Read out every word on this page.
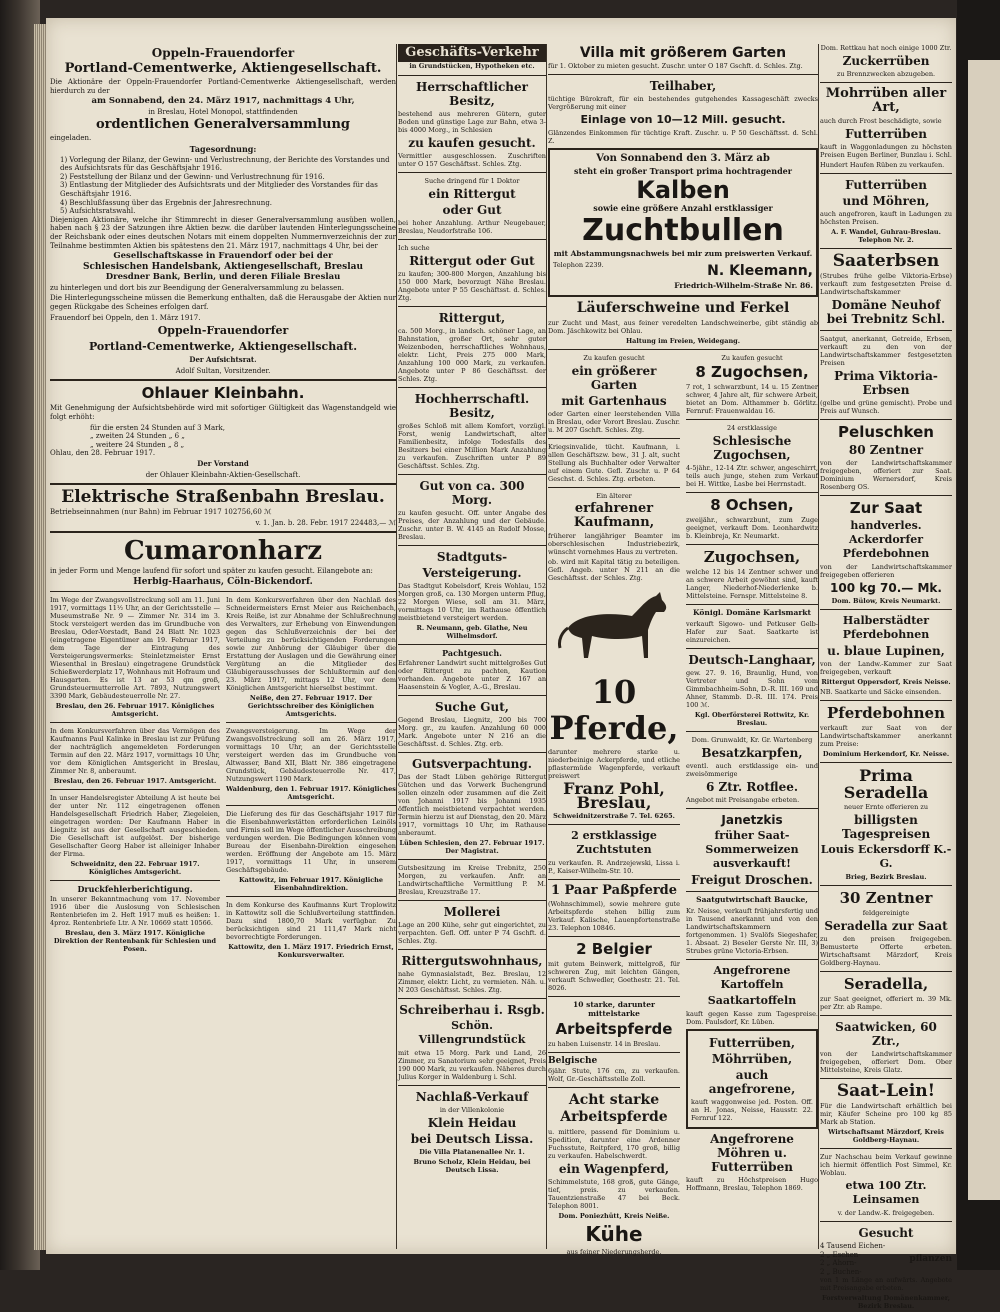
Oppeln-Frauendorfer
Portland-Cementwerke, Aktiengesellschaft.

Die Aktionäre der Oppeln-Frauendorfer Portland-Cementwerke Aktiengesellschaft, werden hierdurch zu der

am Sonnabend, den 24. März 1917, nachmittags 4 Uhr,

in Breslau, Hotel Monopol, stattfindenden

ordentlichen Generalversammlung

eingeladen.

Tagesordnung:

1) Vorlegung der Bilanz, der Gewinn- und Verlustrechnung, der Berichte des Vorstandes und des Aufsichtsrats für das Geschäftsjahr 1916.
2) Feststellung der Bilanz und der Gewinn- und Verlustrechnung für 1916.
3) Entlastung der Mitglieder des Aufsichtsrats und der Mitglieder des Vorstandes für das Geschäftsjahr 1916.
4) Beschlußfassung über das Ergebnis der Jahresrechnung.
5) Aufsichtsratswahl.

Diejenigen Aktionäre, welche ihr Stimmrecht in dieser Generalversammlung ausüben wollen, haben nach § 23 der Satzungen ihre Aktien bezw. die darüber lautenden Hinterlegungsscheine der Reichsbank oder eines deutschen Notars mit einem doppelten Nummernverzeichnis der zur Teilnahme bestimmten Aktien bis spätestens den 21. März 1917, nachmittags 4 Uhr, bei der

Gesellschaftskasse in Frauendorf oder bei der

Schlesischen Handelsbank, Aktiengesellschaft, Breslau

Dresdner Bank, Berlin, und deren Filiale Breslau

zu hinterlegen und dort bis zur Beendigung der Generalversammlung zu belassen.

Die Hinterlegungsscheine müssen die Bemerkung enthalten, daß die Herausgabe der Aktien nur gegen Rückgabe des Scheines erfolgen darf.

Frauendorf bei Oppeln, den 1. März 1917.

Oppeln-Frauendorfer
Portland-Cementwerke, Aktiengesellschaft.

Der Aufsichtsrat.

Adolf Sultan, Vorsitzender.

Ohlauer Kleinbahn.

Mit Genehmigung der Aufsichtsbehörde wird mit sofortiger Gültigkeit das Wagenstandgeld wie folgt erhöht:

für die ersten 24 Stunden auf 3 Mark,
„ zweiten 24 Stunden „ 6 „
„ weitere 24 Stunden „ 8 „

Ohlau, den 28. Februar 1917.

Der Vorstand

der Ohlauer Kleinbahn-Aktien-Gesellschaft.

Elektrische Straßenbahn Breslau.

Betriebseinnahmen (nur Bahn) im Februar 1917 102756,60 ℳ

v. 1. Jan. b. 28. Febr. 1917 224483,— ℳ

Cumaronharz

in jeder Form und Menge laufend für sofort und später zu kaufen gesucht. Eilangebote an:

Herbig-Haarhaus, Cöln-Bickendorf.

Im Wege der Zwangsvollstreckung soll am 11. Juni 1917, vormittags 11½ Uhr, an der Gerichtsstelle — Museumstraße Nr. 9 — Zimmer Nr. 314 im 3. Stock versteigert werden das im Grundbuche von Breslau, Oder-Vorstadt, Band 24 Blatt Nr. 1023 (eingetragene Eigentümer am 19. Februar 1917, dem Tage der Eintragung des Versteigerungsvermerks: Steinletzmeister Ernst Wiesenthal in Breslau) eingetragene Grundstück Schießwerderplatz 17, Wohnhaus mit Hofraum und Hausgarten. Es ist 13 ar 53 qm groß, Grundsteuermutterrolle Art. 7893, Nutzungswert 3390 Mark, Gebäudesteuerrolle Nr. 27.

Breslau, den 26. Februar 1917. Königliches Amtsgericht.

In dem Konkursverfahren über das Vermögen des Kaufmanns Paul Kalinke in Breslau ist zur Prüfung der nachträglich angemeldeten Forderungen Termin auf den 22. März 1917, vormittags 10 Uhr, vor dem Königlichen Amtsgericht in Breslau, Zimmer Nr. 8, anberaumt.

Breslau, den 26. Februar 1917. Amtsgericht.

In unser Handelsregister Abteilung A ist heute bei der unter Nr. 112 eingetragenen offenen Handelsgesellschaft Friedrich Haber, Ziegeleien, eingetragen worden: Der Kaufmann Haber in Liegnitz ist aus der Gesellschaft ausgeschieden. Die Gesellschaft ist aufgelöst. Der bisherige Gesellschafter Georg Haber ist alleiniger Inhaber der Firma.

Schweidnitz, den 22. Februar 1917. Königliches Amtsgericht.

Druckfehlerberichtigung.

In unserer Bekanntmachung vom 17. November 1916 über die Auslosung von Schlesischen Rentenbriefen im 2. Heft 1917 muß es heißen: 1. 4proz. Rentenbriefe Ltr. A Nr. 10669 statt 10566.

Breslau, den 3. März 1917. Königliche Direktion der Rentenbank für Schlesien und Posen.

In dem Konkursverfahren über den Nachlaß des Schneidermeisters Ernst Meier aus Reichenbach, Kreis Reiße, ist zur Abnahme der Schlußrechnung des Verwalters, zur Erhebung von Einwendungen gegen das Schlußverzeichnis der bei der Verteilung zu berücksichtigenden Forderungen sowie zur Anhörung der Gläubiger über die Erstattung der Auslagen und die Gewährung einer Vergütung an die Mitglieder des Gläubigerausschusses der Schlußtermin auf den 23. März 1917, mittags 12 Uhr, vor dem Königlichen Amtsgericht hierselbst bestimmt.

Neiße, den 27. Februar 1917. Der Gerichtsschreiber des Königlichen Amtsgerichts.

Zwangsversteigerung. Im Wege der Zwangsvollstreckung soll am 26. März 1917, vormittags 10 Uhr, an der Gerichtsstelle versteigert werden das im Grundbuche von Altwasser, Band XII, Blatt Nr. 386 eingetragene Grundstück, Gebäudesteuerrolle Nr. 417, Nutzungswert 1190 Mark.

Waldenburg, den 1. Februar 1917. Königliches Amtsgericht.

Die Lieferung des für das Geschäftsjahr 1917 für die Eisenbahnwerkstätten erforderlichen Leinöls und Firnis soll im Wege öffentlicher Ausschreibung verdungen werden. Die Bedingungen können vom Bureau der Eisenbahn-Direktion eingesehen werden. Eröffnung der Angebote am 15. März 1917, vormittags 11 Uhr, in unserem Geschäftsgebäude.

Kattowitz, im Februar 1917. Königliche Eisenbahndirektion.

In dem Konkurse des Kaufmanns Kurt Troplowitz in Kattowitz soll die Schlußverteilung stattfinden. Dazu sind 1800,70 Mark verfügbar. Zu berücksichtigen sind 21 111,47 Mark nicht bevorrechtigte Forderungen.

Kattowitz, den 1. März 1917. Friedrich Ernst, Konkursverwalter.

Geschäfts-Verkehr

in Grundstücken, Hypotheken etc.

Herrschaftlicher Besitz,

bestehend aus mehreren Gütern, guter Boden und günstige Lage zur Bahn, etwa 3- bis 4000 Morg., in Schlesien

zu kaufen gesucht.

Vermittler ausgeschlossen. Zuschriften unter O 157 Geschäftsst. Schles. Ztg.

Suche dringend für 1 Doktor

ein Rittergut
oder Gut

bei hoher Anzahlung. Arthur Neugebauer, Breslau, Neudorfstraße 106.

Ich suche

Rittergut oder Gut

zu kaufen; 300-800 Morgen, Anzahlung bis 150 000 Mark, bevorzugt Nähe Breslau. Angebote unter P 55 Geschäftsst. d. Schles. Ztg.

Rittergut,

ca. 500 Morg., in landsch. schöner Lage, an Bahnstation, großer Ort, sehr guter Weizenboden, herrschaftliches Wohnhaus, elektr. Licht, Preis 275 000 Mark, Anzahlung 100 000 Mark, zu verkaufen. Angebote unter P 86 Geschäftsst. der Schles. Ztg.

Hochherrschaftl. Besitz,

großes Schloß mit allem Komfort, vorzügl. Forst, wenig Landwirtschaft, alter Familienbesitz, infolge Todesfalls des Besitzers bei einer Million Mark Anzahlung zu verkaufen. Zuschriften unter P 89 Geschäftsst. Schles. Ztg.

Gut von ca. 300 Morg.

zu kaufen gesucht. Off. unter Angabe des Preises, der Anzahlung und der Gebäude. Zuschr. unter B. W. 4145 an Rudolf Mosse, Breslau.

Stadtguts-
Versteigerung.

Das Stadtgut Kobelsdorf, Kreis Wohlau, 152 Morgen groß, ca. 130 Morgen unterm Pflug, 22 Morgen Wiese, soll am 31. März, vormittags 10 Uhr, im Rathause öffentlich meistbietend versteigert werden.

R. Neumann, geb. Glathe, Neu Wilhelmsdorf.

Pachtgesuch.

Erfahrener Landwirt sucht mittelgroßes Gut oder Rittergut zu pachten, Kaution vorhanden. Angebote unter Z 167 an Haasenstein & Vogler, A.-G., Breslau.

Suche Gut,

Gegend Breslau, Liegnitz, 200 bis 700 Morg. gr., zu kaufen. Anzahlung 60 000 Mark. Angebote unter N 216 an die Geschäftsst. d. Schles. Ztg. erb.

Gutsverpachtung.

Das der Stadt Lüben gehörige Rittergut Gütchen und das Vorwerk Buchengrund sollen einzeln oder zusammen auf die Zeit von Johanni 1917 bis Johanni 1935 öffentlich meistbietend verpachtet werden. Termin hierzu ist auf Dienstag, den 20. März 1917, vormittags 10 Uhr, im Rathause anberaumt.

Lüben Schlesien, den 27. Februar 1917. Der Magistrat.

Gutsbesitzung im Kreise Trebnitz, 250 Morgen, zu verkaufen. Anfr. an Landwirtschaftliche Vermittlung P. M. Breslau, Kreuzstraße 17.

Mollerei

Lage an 200 Kühe, sehr gut eingerichtet, zu verpachten. Gefl. Off. unter P 74 Gschft. d. Schles. Ztg.

Rittergutswohnhaus,

nahe Gymnasialstadt, Bez. Breslau, 12 Zimmer, elektr. Licht, zu vermieten. Näh. u. N 203 Geschäftsst. Schles. Ztg.

Schreiberhau i. Rsgb.
Schön. Villengrundstück

mit etwa 15 Morg. Park und Land, 26 Zimmer, zu Sanatorium sehr geeignet, Preis 190 000 Mark, zu verkaufen. Näheres durch Julius Korger in Waldenburg i. Schl.

Nachlaß-Verkauf

in der Villenkolonie

Klein Heidau
bei Deutsch Lissa.

Die Villa Platanenallee Nr. 1.

Bruno Scholz, Klein Heidau, bei Deutsch Lissa.

Villa mit größerem Garten

für 1. Oktober zu mieten gesucht. Zuschr. unter O 187 Gschft. d. Schles. Ztg.

Teilhaber,

tüchtige Bürokraft, für ein bestehendes gutgehendes Kassageschäft zwecks Vergrößerung mit einer

Einlage von 10—12 Mill. gesucht.

Glänzendes Einkommen für tüchtige Kraft. Zuschr. u. P 50 Geschäftsst. d. Schl. Z.

Von Sonnabend den 3. März ab

steht ein großer Transport prima hochtragender

Kalben

sowie eine größere Anzahl erstklassiger

Zuchtbullen

mit Abstammungsnachweis bei mir zum preiswerten Verkauf.

Telephon 2239.	N. Kleemann,

Friedrich-Wilhelm-Straße Nr. 86.

Läuferschweine und Ferkel

zur Zucht und Mast, aus feiner veredelten Landschweinerbe, gibt ständig ab Dom. Jäschkowitz bei Ohlau.

Haltung im Freien, Weidegang.

Zu kaufen gesucht

ein größerer Garten
mit Gartenhaus

oder Garten einer leerstehenden Villa in Breslau, oder Vorort Breslau. Zuschr. u. M 207 Gschft. Schles. Ztg.

Kriegsinvalide, tücht. Kaufmann, i. allen Geschäftszw. bew., 31 J. alt, sucht Stellung als Buchhalter oder Verwalter auf einem Gute. Gefl. Zuschr. u. P 64 Geschst. d. Schles. Ztg. erbeten.

Ein älterer

erfahrener Kaufmann,

früherer langjähriger Beamter im oberschlesischen Industriebezirk, wünscht vornehmes Haus zu vertreten.

ob. wird mit Kapital tätig zu beteiligen. Gefl. Angeb. unter N 211 an die Geschäftsst. der Schles. Ztg.

10 Pferde,

darunter mehrere starke u. niederbeinige Ackerpferde, und etliche pflastermüde Wagenpferde, verkauft preiswert

Franz Pohl, Breslau,

Schweidnitzerstraße 7. Tel. 6265.

2 erstklassige Zuchtstuten

zu verkaufen. R. Andrzejewski, Lissa i. P., Kaiser-Wilhelm-Str. 10.

1 Paar Paßpferde

(Wohnschimmel), sowie mehrere gute Arbeitspferde stehen billig zum Verkauf. Kalische, Lauenpfortenstraße 23. Telephon 10846.

2 Belgier

mit gutem Beinwerk, mittelgroß, für schweren Zug, mit leichten Gängen, verkauft Schwedler, Goethestr. 21. Tel. 8026.

10 starke, darunter mittelstarke

Arbeitspferde

zu haben Luisenstr. 14 in Breslau.

Belgische

6jähr. Stute, 176 cm, zu verkaufen. Wolf, Gr.-Geschäftsstelle Zoll.

Acht starke Arbeitspferde

u. mittlere, passend für Dominium u. Spedition, darunter eine Ardenner Fuchsstute, Reitpferd, 170 groß, billig zu verkaufen. Habelschwerdt.

ein Wagenpferd,

Schimmelstute, 168 groß, gute Gänge, tief, preis. zu verkaufen. Tauentzienstraße 47 bei Beck. Telephon 8001.

Dom. Poniezhütt, Kreis Neiße.

Kühe

aus feiner Niederungsherde.

Zu kaufen gesucht

8 Zugochsen,

7 rot, 1 schwarzbunt, 14 u. 15 Zentner schwer, 4 Jahre alt, für schwere Arbeit, bietet an Dom. Althammer b. Görlitz. Fernruf: Frauenwaldau 16.

24 erstklassige

Schlesische Zugochsen,

4-5jähr., 12-14 Ztr. schwer, angeschirrt, teils auch junge, stehen zum Verkauf bei H. Wittke, Lasbe bei Herrnstadt.

8 Ochsen,

zweijähr., schwarzbunt, zum Zuge geeignet, verkauft Dom. Leonhardwitz b. Kleinbreja, Kr. Neumarkt.

Zugochsen,

welche 12 bis 14 Zentner schwer und an schwere Arbeit gewöhnt sind, kauft Langer, Niederhof-Niederlenke b. Mittelsteine. Fernspr. Mittelsteine 8.

Königl. Domäne Karlsmarkt

verkauft Sigowo- und Petkuser Gelb-Hafer zur Saat. Saatkarte ist einzureichen.

Deutsch-Langhaar,

gew. 27. 9. 16, Braunlig, Hund, von Vertreter und Sohn vom Gimmbachheim-Sohn, D.-R. III. 169 und Ahner, Stammb. D.-R. III. 174. Preis 100 ℳ.

Kgl. Oberförsterei Rottwitz, Kr. Breslau.

Dom. Grunwaldt, Kr. Gr. Wartenberg

Besatzkarpfen,

eventl. auch erstklassige ein- und zweisömmerige

6 Ztr. Rotflee.

Angebot mit Preisangabe erbeten.

Janetzkis
früher Saat-Sommerweizen ausverkauft!
Freigut Droschen.

Saatgutwirtschaft Baucke,

Kr. Neisse, verkauft frühjahrsfertig und in Tausend anerkannt und von den Landwirtschaftskammern fortgenommen. 1) Svalöfs Siegeshafer, 1. Absaat. 2) Beseler Gerste Nr. III, 3) Strubes grüne Victoria-Erbsen.

Angefrorene Kartoffeln
Saatkartoffeln

kauft gegen Kasse zum Tagespreise. Dom. Paulsdorf, Kr. Lüben.

Futterrüben,
Möhrrüben,
auch angefrorene,

kauft waggonweise jed. Posten. Off. an H. Jonas, Neisse, Hausstr. 22. Fernruf 122.

Angefrorene Möhren u. Futterrüben

kauft zu Höchstpreisen Hugo Hoffmann, Breslau, Telephon 1869.

Dom. Rettkau hat noch einige 1000 Ztr.

Zuckerrüben

zu Brennzwecken abzugeben.

Mohrrüben aller Art,

auch durch Frost beschädigte, sowie

Futterrüben

kauft in Waggonladungen zu höchsten Preisen Eugen Berliner, Bunzlau i. Schl.

Hundert Haufen Rüben zu verkaufen.

Futterrüben
und Möhren,

auch angefroren, kauft in Ladungen zu höchsten Preisen.

A. F. Wandel, Guhrau-Breslau. Telephon Nr. 2.

Saaterbsen

(Strubes frühe gelbe Viktoria-Erbse) verkauft zum festgesetzten Preise d. Landwirtschaftskammer

Domäne Neuhof bei Trebnitz Schl.

Saatgut, anerkannt, Getreide, Erbsen, verkauft zu den von der Landwirtschaftskammer festgesetzten Preisen

Prima Viktoria-Erbsen

(gelbe und grüne gemischt). Probe und Preis auf Wunsch.

Peluschken
80 Zentner

von der Landwirtschaftskammer freigegeben, offeriert zur Saat. Dominium Wernersdorf, Kreis Rosenberg OS.

Zur Saat
handverles. Ackerdorfer Pferdebohnen

von der Landwirtschaftskammer freigegeben offerieren

100 kg 70.— Mk.

Dom. Bülow, Kreis Neumarkt.

Halberstädter Pferdebohnen
u. blaue Lupinen,

von der Landw.-Kammer zur Saat freigegeben, verkauft

Rittergut Oppersdorf, Kreis Neisse.

NB. Saatkarte und Säcke einsenden.

Pferdebohnen

verkauft zur Saat von der Landwirtschaftskammer anerkannt zum Preise:

Dominium Herkendorf, Kr. Neisse.

Prima Seradella

neuer Ernte offerieren zu

billigsten Tagespreisen
Louis Eckersdorff K.-G.

Brieg, Bezirk Breslau.

30 Zentner

feldgereinigte

Seradella zur Saat

zu den preisen freigegeben. Bemusterte Offerte erbeten. Wirtschaftsamt Märzdorf, Kreis Goldberg-Haynau.

Seradella,

zur Saat geeignet, offeriert m. 39 Mk. per Ztr. ab Rampe.

Saatwicken, 60 Ztr.,

von der Landwirtschaftskammer freigegeben, offeriert Dom. Ober Mittelsteine, Kreis Glatz.

Saat-Lein!

Für die Landwirtschaft erhältlich bei mir, Käufer Scheine pro 100 kg 85 Mark ab Station.

Wirtschaftsamt Märzdorf, Kreis Goldberg-Haynau.

Zur Nachschau beim Verkauf gewinne ich hiermit öffentlich Post Simmel, Kr. Woblau.

etwa 100 Ztr. Leinsamen

v. der Landw.-K. freigegeben.

Gesucht
4 Tausend Eichen-
2 „ Eschen-
2 „ Ahorn-
2 „ Buchen-
pflanzen

von 1 m Länge an aufwärts. Angebote mit Preisangabe erbeten.

Forstverwaltung Domänenkammer, Bezirk Breslau.
